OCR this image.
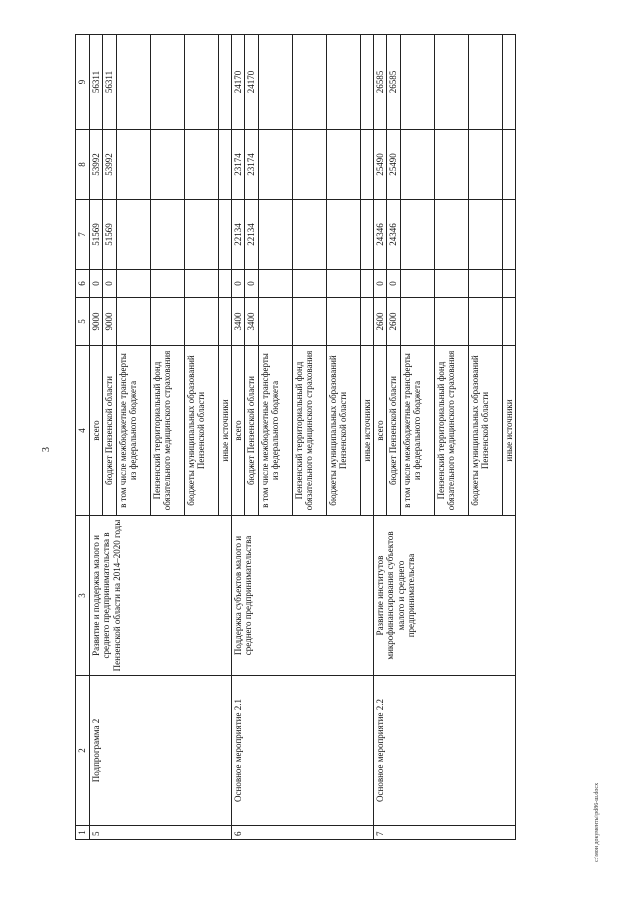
3
1	2	3	4	5	6	7	8	9
5	Подпрограмма 2	Развитие и поддержка малого и среднего предпринимательства в Пензенской области на 2014–2020 годы	всего	9000	0	51569	53992	56311
			бюджет Пензенской области	9000	0	51569	53992	56311
			в том числе межбюджетные трансферты из федерального бюджета					
			Пензенский территориальный фонд обязательного медицинского страхования					
			бюджеты муниципальных образований Пензенской области					
			иные источники					
6	Основное мероприятие 2.1	Поддержка субъектов малого и среднего предпринимательства	всего	3400	0	22134	23174	24170
			бюджет Пензенской области	3400	0	22134	23174	24170
			в том числе межбюджетные трансферты из федерального бюджета					
			Пензенский территориальный фонд обязательного медицинского страхования					
			бюджеты муниципальных образований Пензенской области					
			иные источники					
7	Основное мероприятие 2.2	Развитие институтов микрофинансирования субъектов малого и среднего предпринимательства	всего	2600	0	24346	25490	26585
			бюджет Пензенской области	2600	0	24346	25490	26585
			в том числе межбюджетные трансферты из федерального бюджета					
			Пензенский территориальный фонд обязательного медицинского страхования					
			бюджеты муниципальных образований Пензенской области					
			иные источники					
c:\мои документы\pd86-ш.docx
